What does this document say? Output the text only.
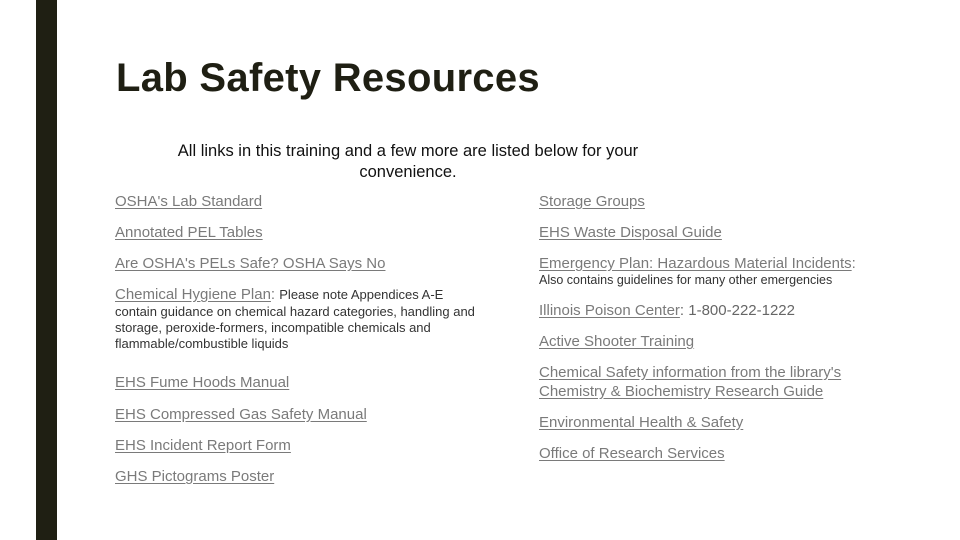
Lab Safety Resources
All links in this training and a few more are listed below for your
convenience.
OSHA's Lab Standard
Annotated PEL Tables
Are OSHA's PELs Safe? OSHA Says No
Chemical Hygiene Plan: Please note Appendices A-E
contain guidance on chemical hazard categories, handling and storage, peroxide-formers, incompatible chemicals and flammable/combustible liquids
EHS Fume Hoods Manual
EHS Compressed Gas Safety Manual
EHS Incident Report Form
GHS Pictograms Poster
Storage Groups
EHS Waste Disposal Guide
Emergency Plan: Hazardous Material Incidents:
Also contains guidelines for many other emergencies
Illinois Poison Center: 1-800-222-1222
Active Shooter Training
Chemical Safety information from the library's Chemistry & Biochemistry Research Guide
Environmental Health & Safety
Office of Research Services
